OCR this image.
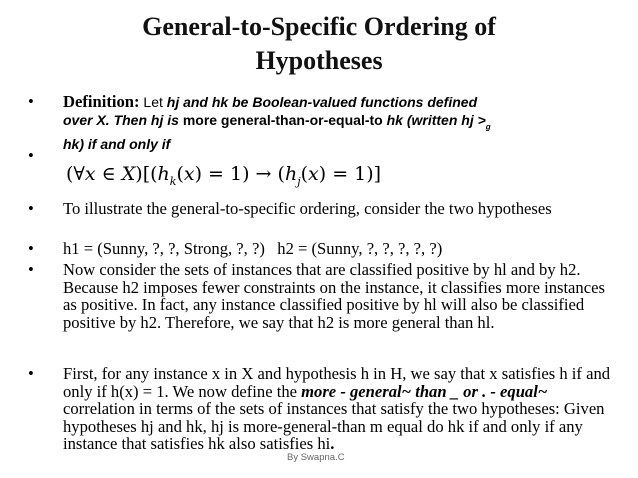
General-to-Specific Ordering of
Hypotheses
•	Definition: Let hj and hk be Boolean-valued functions defined
over X. Then hj is more general-than-or-equal-to hk (written hj $>_g$
hk) if and only if
•
(∀x ∈ $X)[(h_k(x) = 1) \to (h_j(x) = 1)]$
•	To illustrate the general-to-specific ordering, consider the two hypotheses
•	h1 = (Sunny, ?, ?, Strong, ?, ?)   h2 = (Sunny, ?, ?, ?, ?, ?)
•	Now consider the sets of instances that are classified positive by hl and by h2. Because h2 imposes fewer constraints on the instance, it classifies more instances as positive. In fact, any instance classified positive by hl will also be classified positive by h2. Therefore, we say that h2 is more general than hl.
•	First, for any instance x in X and hypothesis h in H, we say that x satisfies h if and only if h(x) = 1. We now define the more - general~ than _ or . - equal~ correlation in terms of the sets of instances that satisfy the two hypotheses: Given hypotheses hj and hk, hj is more-general-than m equal do hk if and only if any instance that satisfies hk also satisfies hi.
By Swapna.C
